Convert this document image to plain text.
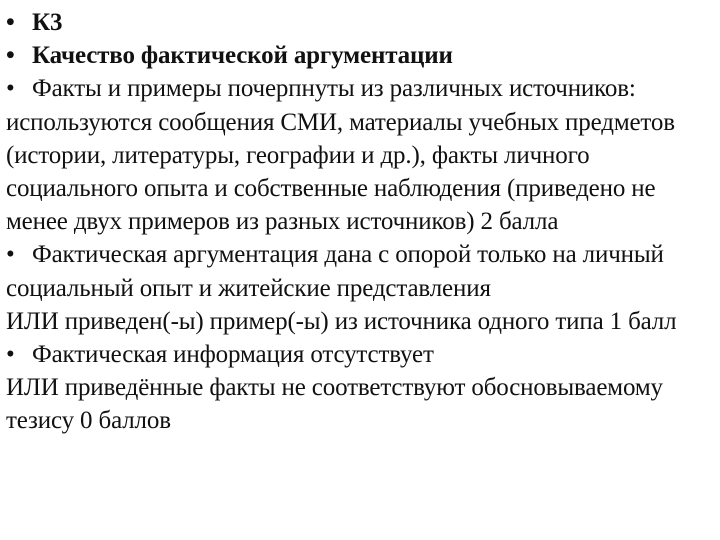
• К3

• Качество фактической аргументации

• Факты и примеры почерпнуты из различных источников: используются сообщения СМИ, материалы учебных предметов (истории, литературы, географии и др.), факты личного социального опыта и собственные наблюдения (приведено не менее двух примеров из разных источников) 2 балла

• Фактическая аргументация дана с опорой только на личный социальный опыт и житейские представления

ИЛИ приведен(-ы) пример(-ы) из источника одного типа 1 балл

• Фактическая информация отсутствует

ИЛИ приведённые факты не соответствуют обосновываемому тезису 0 баллов
